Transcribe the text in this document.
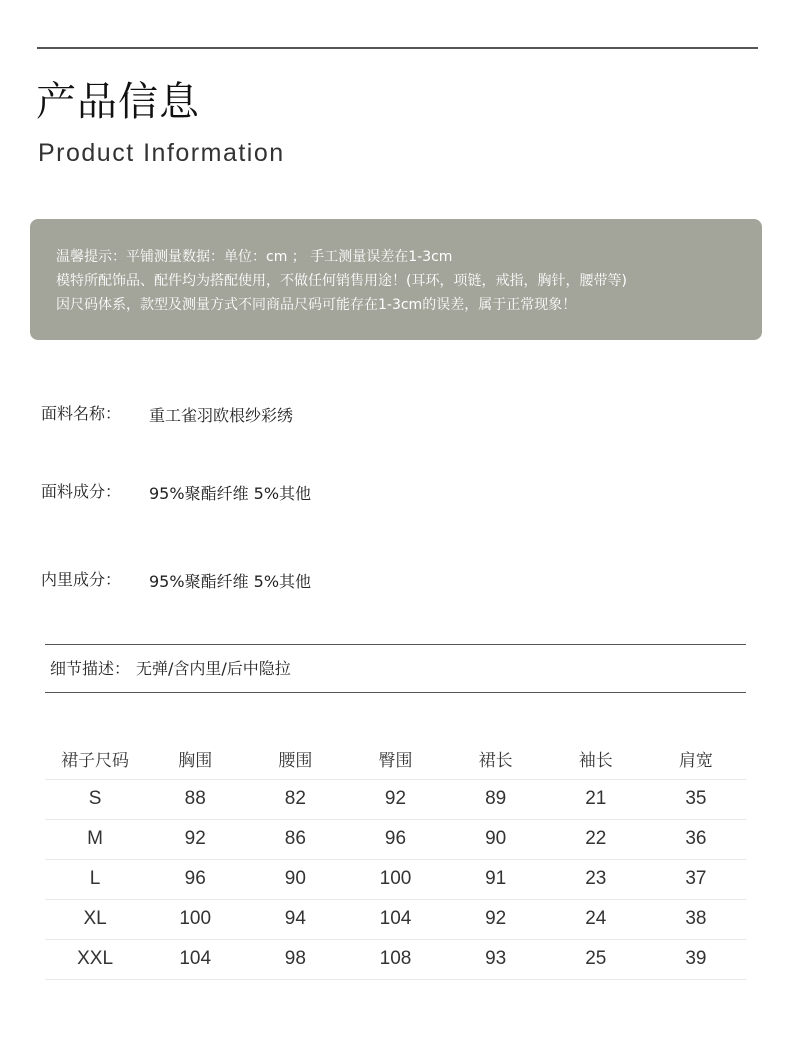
产品信息
Product Information
温馨提示：平铺测量数据：单位：cm ； 手工测量误差在1-3cm
模特所配饰品、配件均为搭配使用，不做任何销售用途！(耳环，项链，戒指，胸针，腰带等)
因尺码体系，款型及测量方式不同商品尺码可能存在1-3cm的误差，属于正常现象！
面料名称： 重工雀羽欧根纱彩绣
面料成分： 95%聚酯纤维 5%其他
内里成分： 95%聚酯纤维 5%其他
细节描述： 无弹/含内里/后中隐拉
裙子尺码	胸围	腰围	臀围	裙长	袖长	肩宽
S	88	82	92	89	21	35
M	92	86	96	90	22	36
L	96	90	100	91	23	37
XL	100	94	104	92	24	38
XXL	104	98	108	93	25	39
